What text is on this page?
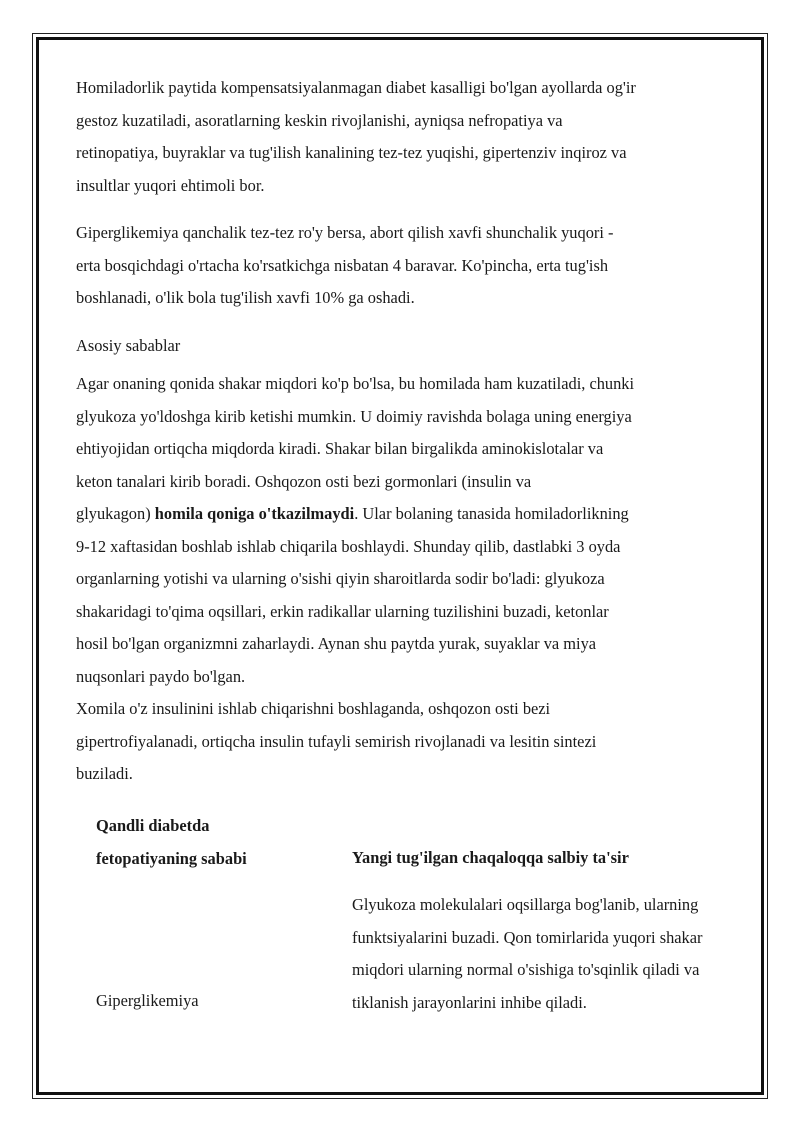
Homiladorlik paytida kompensatsiyalanmagan diabet kasalligi bo'lgan ayollarda og'ir
gestoz kuzatiladi, asoratlarning keskin rivojlanishi, ayniqsa nefropatiya va
retinopatiya, buyraklar va tug'ilish kanalining tez-tez yuqishi, gipertenziv inqiroz va
insultlar yuqori ehtimoli bor.

Giperglikemiya qanchalik tez-tez ro'y bersa, abort qilish xavfi shunchalik yuqori -
erta bosqichdagi o'rtacha ko'rsatkichga nisbatan 4 baravar. Ko'pincha, erta tug'ish
boshlanadi, o'lik bola tug'ilish xavfi 10% ga oshadi.

Asosiy sabablar

Agar onaning qonida shakar miqdori ko'p bo'lsa, bu homilada ham kuzatiladi, chunki
glyukoza yo'ldoshga kirib ketishi mumkin. U doimiy ravishda bolaga uning energiya
ehtiyojidan ortiqcha miqdorda kiradi. Shakar bilan birgalikda aminokislotalar va
keton tanalari kirib boradi. Oshqozon osti bezi gormonlari (insulin va
glyukagon) homila qoniga o'tkazilmaydi. Ular bolaning tanasida homiladorlikning
9-12 xaftasidan boshlab ishlab chiqarila boshlaydi. Shunday qilib, dastlabki 3 oyda
organlarning yotishi va ularning o'sishi qiyin sharoitlarda sodir bo'ladi: glyukoza
shakaridagi to'qima oqsillari, erkin radikallar ularning tuzilishini buzadi, ketonlar
hosil bo'lgan organizmni zaharlaydi. Aynan shu paytda yurak, suyaklar va miya
nuqsonlari paydo bo'lgan.

Xomila o'z insulinini ishlab chiqarishni boshlaganda, oshqozon osti bezi
gipertrofiyalanadi, ortiqcha insulin tufayli semirish rivojlanadi va lesitin sintezi
buziladi.

Qandli diabetda
fetopatiyaning sababi	Yangi tug'ilgan chaqaloqqa salbiy ta'sir
Glyukoza molekulalari oqsillarga bog'lanib, ularning
funktsiyalarini buzadi. Qon tomirlarida yuqori shakar
miqdori ularning normal o'sishiga to'sqinlik qiladi va
tiklanish jarayonlarini inhibe qiladi.
Giperglikemiya
